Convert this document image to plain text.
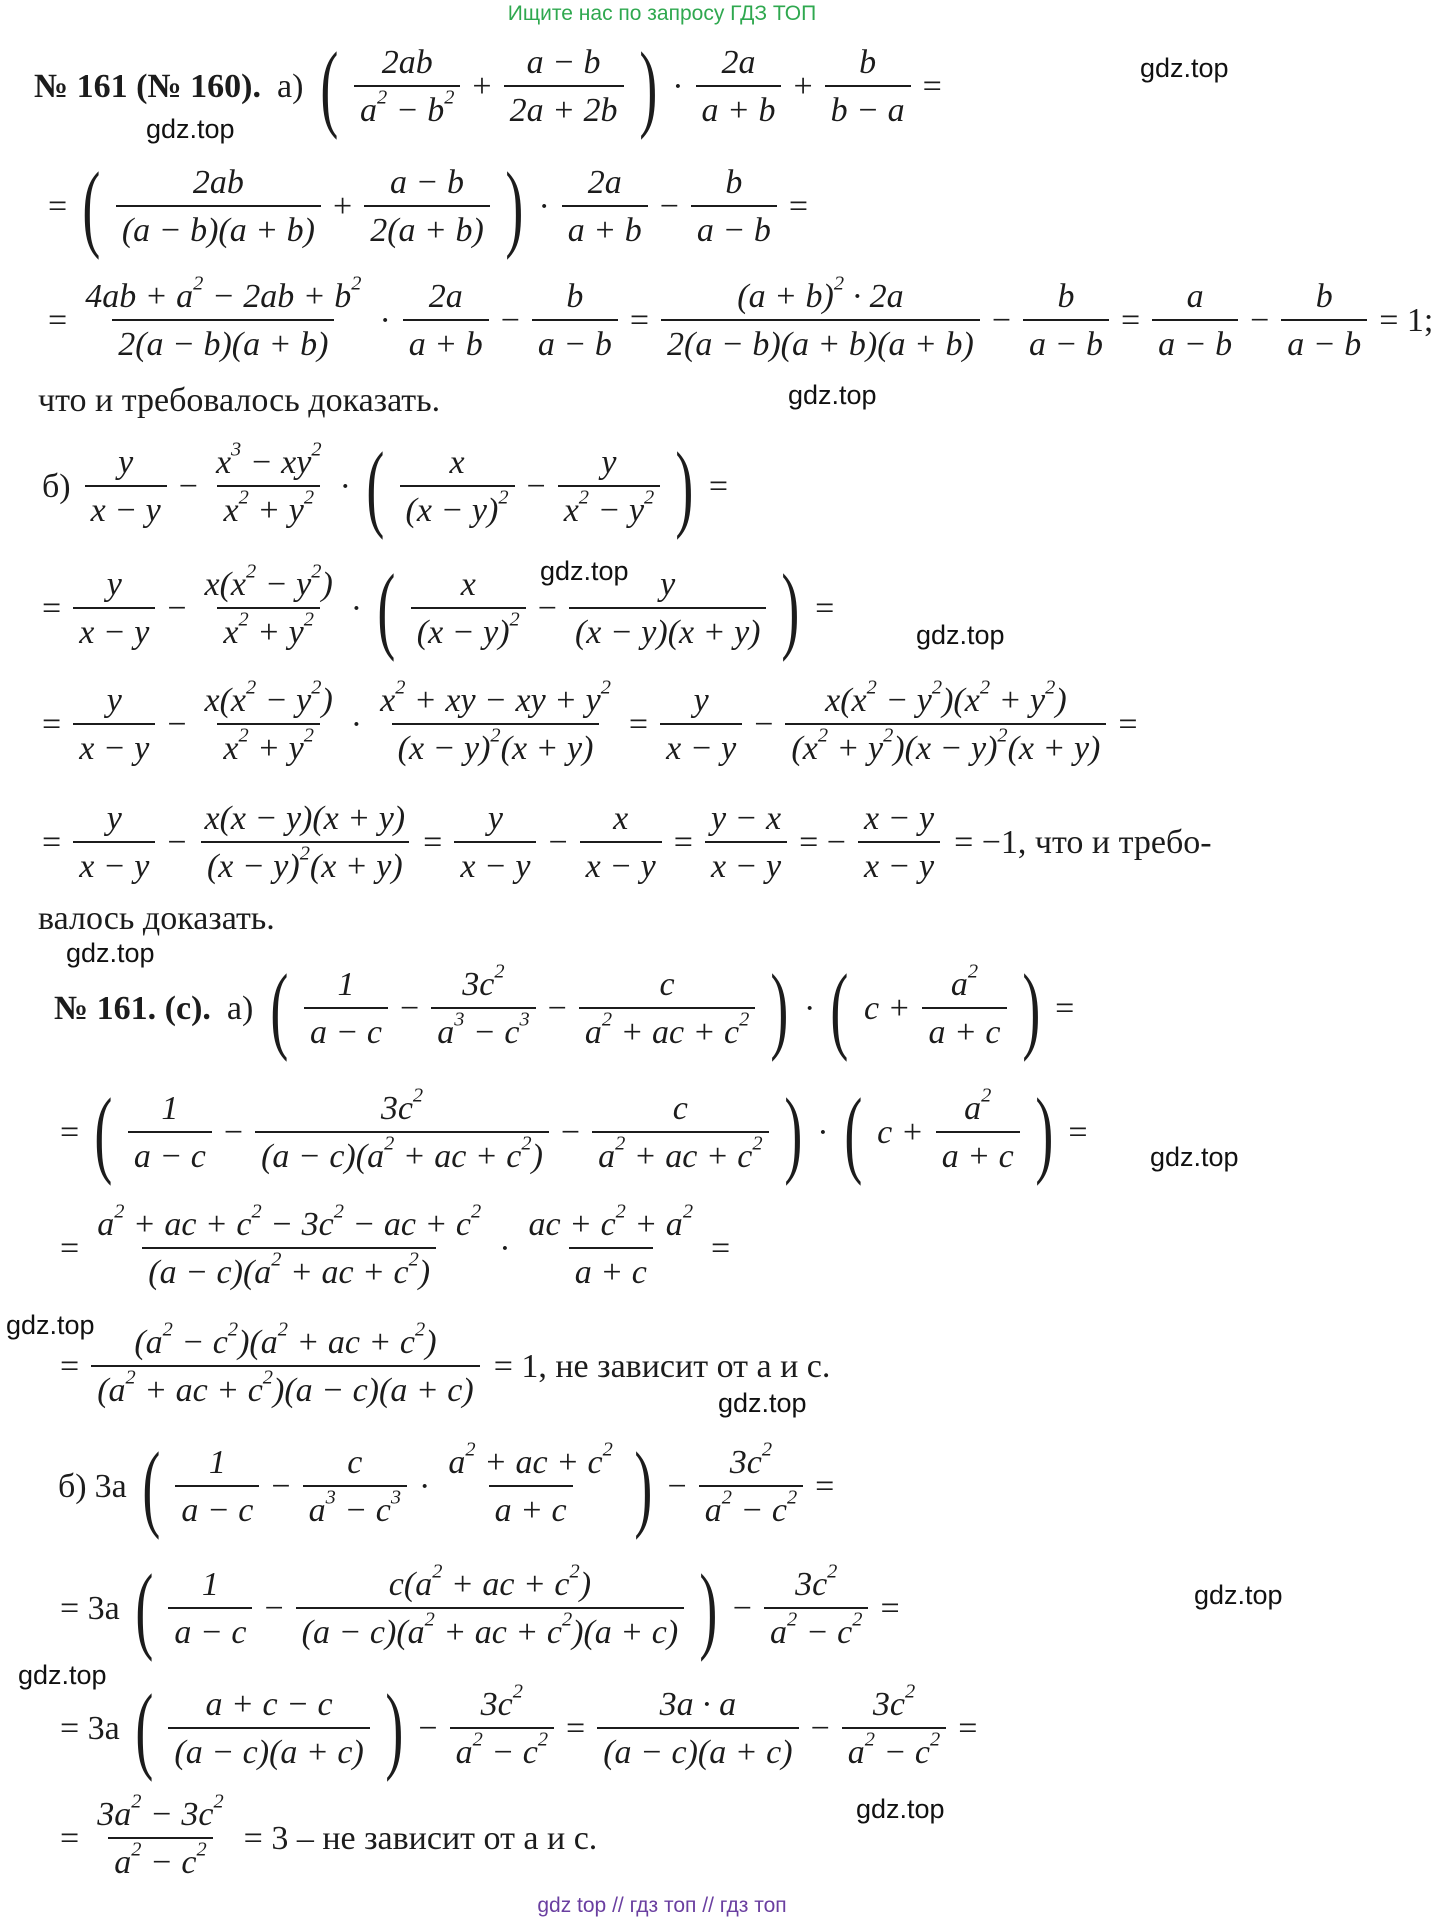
Ищите нас по запросу ГДЗ ТОП
gdz.top
gdz.top
gdz.top
gdz.top
gdz.top
gdz.top
gdz.top
gdz.top
gdz.top
gdz.top
gdz.top
gdz.top
№ 161 (№ 160). а) ( $\frac{2ab}{a^2 - b^2} + \frac{a - b}{2a + 2b}$ ) · $\frac{2a}{a + b} + \frac{b}{b - a}$ =
= ( $\frac{2ab}{(a - b)(a + b)} + \frac{a - b}{2(a + b)}$ ) · $\frac{2a}{a + b} - \frac{b}{a - b}$ =
= $\frac{4ab + a^2 - 2ab + b^2}{2(a - b)(a + b)} \cdot \frac{2a}{a + b} - \frac{b}{a - b} = \frac{(a + b)^2 \cdot 2a}{2(a - b)(a + b)(a + b)} - \frac{b}{a - b} = \frac{a}{a - b} - \frac{b}{a - b} = 1$;
что и требовалось доказать.
$б) \frac{y}{x - y} - \frac{x^3 - xy^2}{x^2 + y^2}$ · ( $\frac{x}{(x - y)^2} - \frac{y}{x^2 - y^2}$ ) =
= $\frac{y}{x - y} - \frac{x(x^2 - y^2)}{x^2 + y^2}$ · ( $\frac{x}{(x - y)^2} - \frac{y}{(x - y)(x + y)}$ ) =
= $\frac{y}{x - y} - \frac{x(x^2 - y^2)}{x^2 + y^2} \cdot \frac{x^2 + xy - xy + y^2}{(x - y)^2(x + y)} = \frac{y}{x - y} - \frac{x(x^2 - y^2)(x^2 + y^2)}{(x^2 + y^2)(x - y)^2(x + y)}$ =
= $\frac{y}{x - y} - \frac{x(x - y)(x + y)}{(x - y)^2(x + y)} = \frac{y}{x - y} - \frac{x}{x - y} = \frac{y - x}{x - y}$ = − $\frac{x - y}{x - y} = -1$, что и требо-
валось доказать.
№ 161. (с). а) ( $\frac{1}{a - c} - \frac{3c^2}{a^3 - c^3} - \frac{c}{a^2 + ac + c^2}$ ) · ( $c + \frac{a^2}{a + c}$ ) =
= ( $\frac{1}{a - c} - \frac{3c^2}{(a - c)(a^2 + ac + c^2)} - \frac{c}{a^2 + ac + c^2}$ ) · ( $c + \frac{a^2}{a + c}$ ) =
= $\frac{a^2 + ac + c^2 - 3c^2 - ac + c^2}{(a - c)(a^2 + ac + c^2)} \cdot \frac{ac + c^2 + a^2}{a + c}$ =
= $\frac{(a^2 - c^2)(a^2 + ac + c^2)}{(a^2 + ac + c^2)(a - c)(a + c)} = 1$, не зависит от a и c.
б) 3a ( $\frac{1}{a - c} - \frac{c}{a^3 - c^3} \cdot \frac{a^2 + ac + c^2}{a + c}$ ) − $\frac{3c^2}{a^2 - c^2}$ =
= 3a ( $\frac{1}{a - c} - \frac{c(a^2 + ac + c^2)}{(a - c)(a^2 + ac + c^2)(a + c)}$ ) − $\frac{3c^2}{a^2 - c^2}$ =
= 3a ( $\frac{a + c - c}{(a - c)(a + c)}$ ) − $\frac{3c^2}{a^2 - c^2} = \frac{3a \cdot a}{(a - c)(a + c)} - \frac{3c^2}{a^2 - c^2}$ =
= $\frac{3a^2 - 3c^2}{a^2 - c^2} = 3$ – не зависит от a и c.
gdz top // гдз топ // гдз топ
